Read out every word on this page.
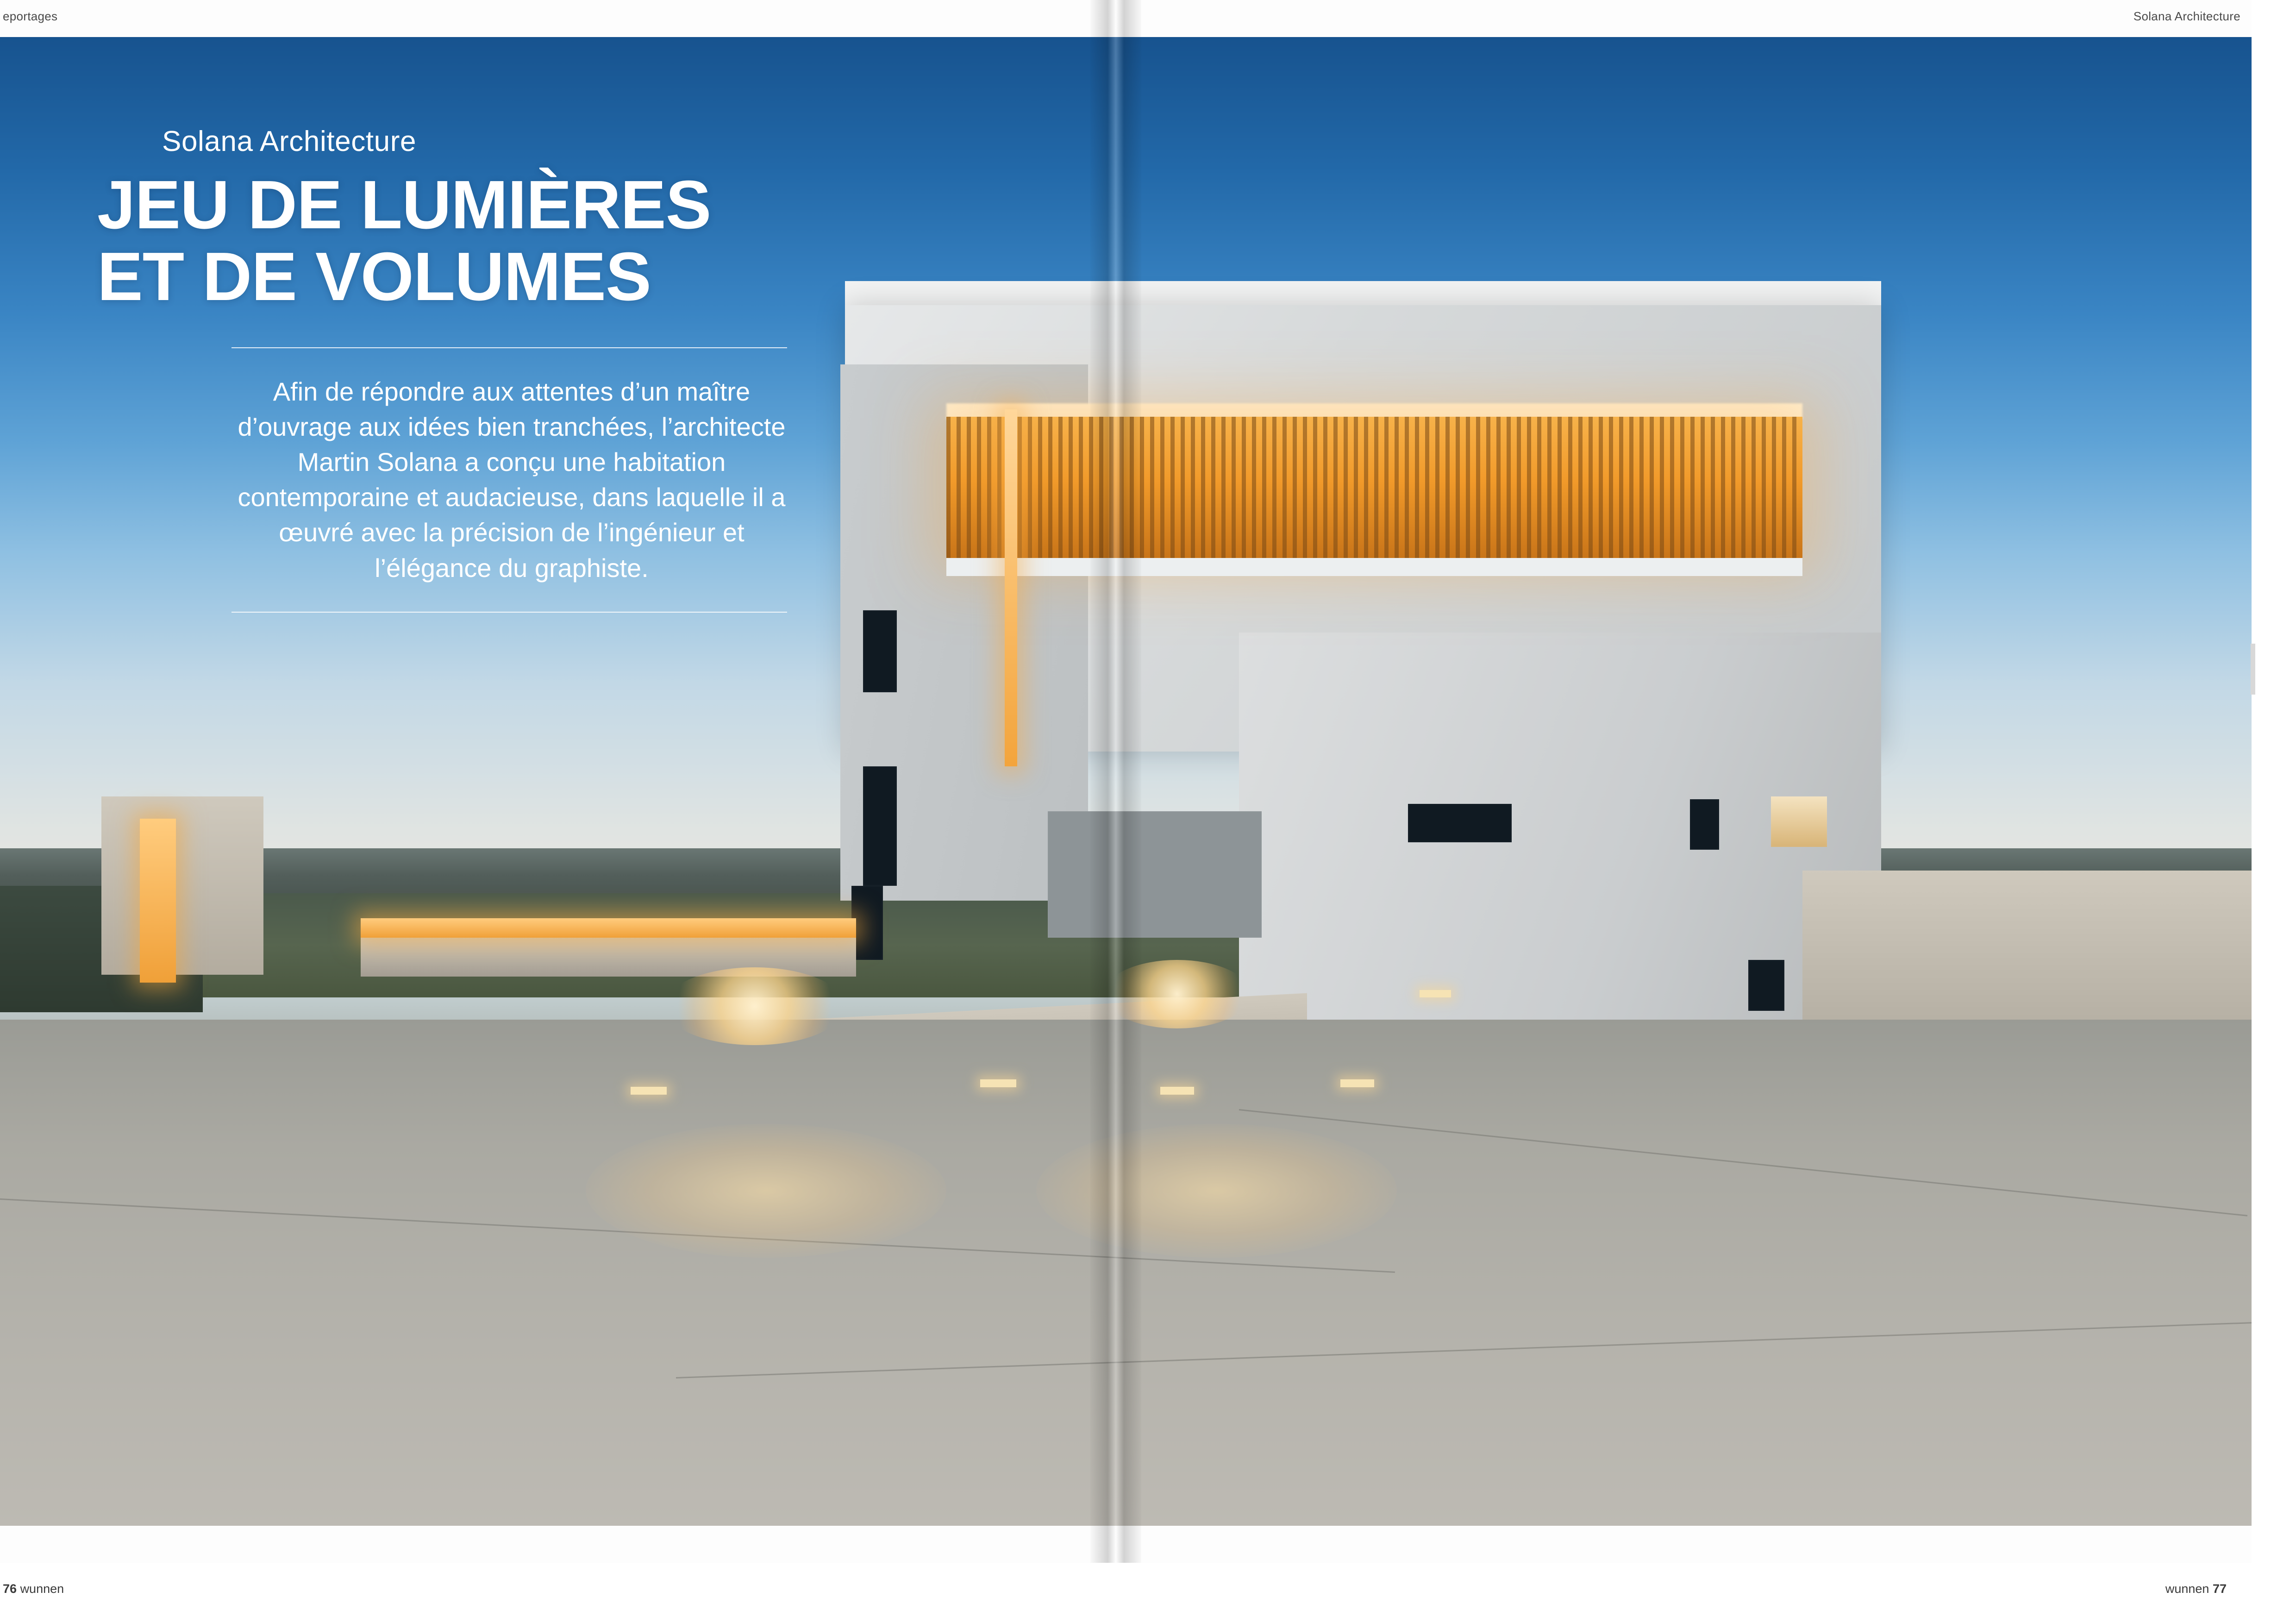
eportages	Solana Architecture

Solana Architecture

JEU DE LUMIÈRES
ET DE VOLUMES

Afin de répondre aux attentes d’un maître d’ouvrage aux idées bien tranchées, l’architecte Martin Solana a conçu une habitation contemporaine et audacieuse, dans laquelle il a œuvré avec la précision de l’ingénieur et l’élégance du graphiste.

76 wunnen	wunnen 77
